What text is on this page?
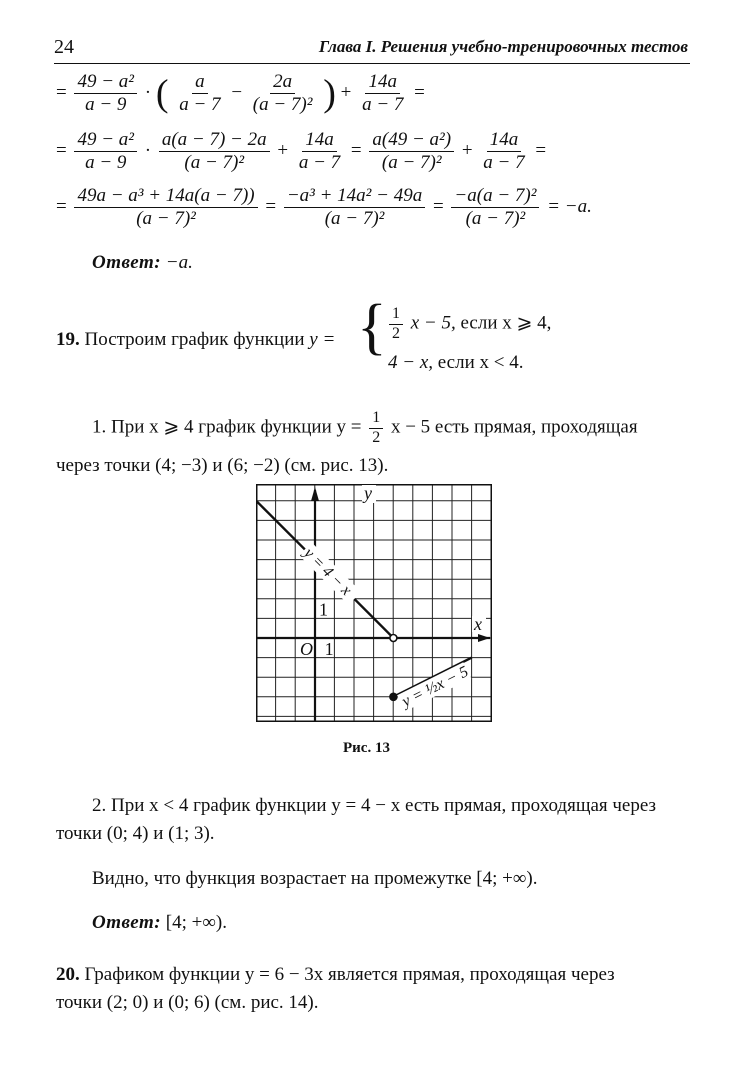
24	Глава I. Решения учебно-тренировочных тестов
= $\frac{\text{49 − a²}}{a - 9}$ · ( $\frac{a}{a - 7} - \frac{2a}{\text{(a − 7)²}}$ ) + $\frac{14a}{a - 7}$ =
= $\frac{\text{49 − a²}}{a - 9} \cdot \frac{a(a - 7) - 2a}{\text{(a − 7)²}} + \frac{14a}{a - 7} = \frac{\text{a(49 − a²)}}{\text{(a − 7)²}} + \frac{14a}{a - 7}$ =
= $\frac{\text{49a − a³ + 14a(a − 7))}}{\text{(a − 7)²}} = \frac{\text{−a³ + 14a² − 49a}}{\text{(a − 7)²}} = \frac{\text{−a(a − 7)²}}{\text{(a − 7)²}} = -a$.
Ответ: −a.
19. Построим график функции y = { $\frac{1}{2}$ x − 5, если x ⩾ 4,
4 − x, если x < 4.
1. При x ⩾ 4 график функции $y = \frac{1}{2}$ x − 5 есть прямая, проходящая
через точки (4; −3) и (6; −2) (см. рис. 13).
y
x
O 1
1
y = 4 − x
y = ½x − 5
Рис. 13
2. При x < 4 график функции y = 4 − x есть прямая, проходящая через
точки (0; 4) и (1; 3).
Видно, что функция возрастает на промежутке [4; +∞).
Ответ: [4; +∞).
20. Графиком функции y = 6 − 3x является прямая, проходящая через
точки (2; 0) и (0; 6) (см. рис. 14).
